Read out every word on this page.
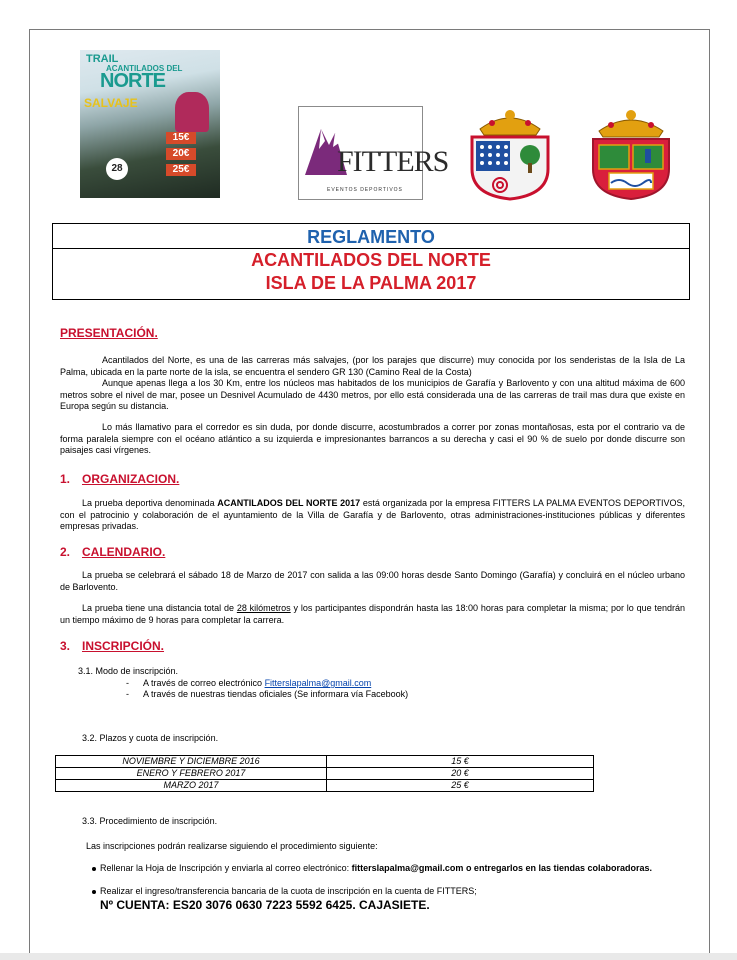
TRAIL
ACANTILADOS DEL
NORTE
SALVAJE
15€
20€
25€
28	FITTERS
EVENTOS DEPORTIVOS
REGLAMENTO
ACANTILADOS DEL NORTE
ISLA DE LA PALMA 2017
PRESENTACIÓN.

Acantilados del Norte, es una de las carreras más salvajes, (por los parajes que discurre) muy conocida por los senderistas de la Isla de La Palma, ubicada en la parte norte de la isla, se encuentra el sendero GR 130 (Camino Real de la Costa)

Aunque apenas llega a los 30 Km, entre los núcleos mas habitados de los municipios de Garafía y Barlovento y con una altitud máxima de 600 metros sobre el nivel de mar, posee un Desnivel Acumulado de 4430 metros, por ello está considerada una de las carreras de trail mas dura que existe en Europa según su distancia.

Lo más llamativo para el corredor es sin duda, por donde discurre, acostumbrados a correr por zonas montañosas, esta por el contrario va de forma paralela siempre con el océano atlántico a su izquierda e impresionantes barrancos a su derecha y casi el 90 % de suelo por donde discurre son paisajes casi vírgenes.

1. ORGANIZACION.

La prueba deportiva denominada ACANTILADOS DEL NORTE 2017 está organizada por la empresa FITTERS LA PALMA EVENTOS DEPORTIVOS, con el patrocinio y colaboración de el ayuntamiento de la Villa de Garafía y de Barlovento, otras administraciones-instituciones públicas y diferentes empresas privadas.

2. CALENDARIO.

La prueba se celebrará el sábado 18 de Marzo de 2017 con salida a las 09:00 horas desde Santo Domingo (Garafía) y concluirá en el núcleo urbano de Barlovento.

La prueba tiene una distancia total de 28 kilómetros y los participantes dispondrán hasta las 18:00 horas para completar la misma; por lo que tendrán un tiempo máximo de 9 horas para completar la carrera.

3. INSCRIPCIÓN.
3.1. Modo de inscripción.
- A través de correo electrónico Fitterslapalma@gmail.com
- A través de nuestras tiendas oficiales (Se informara vía Facebook)
3.2. Plazos y cuota de inscripción.
NOVIEMBRE Y DICIEMBRE 2016	15 €
ENERO Y FEBRERO 2017	20 €
MARZO 2017	25 €
3.3. Procedimiento de inscripción.
Las inscripciones podrán realizarse siguiendo el procedimiento siguiente:
Rellenar la Hoja de Inscripción y enviarla al correo electrónico: fitterslapalma@gmail.com o entregarlos en las tiendas colaboradoras.
Realizar el ingreso/transferencia bancaria de la cuota de inscripción en la cuenta de FITTERS;
Nº CUENTA: ES20 3076 0630 7223 5592 6425. CAJASIETE.
